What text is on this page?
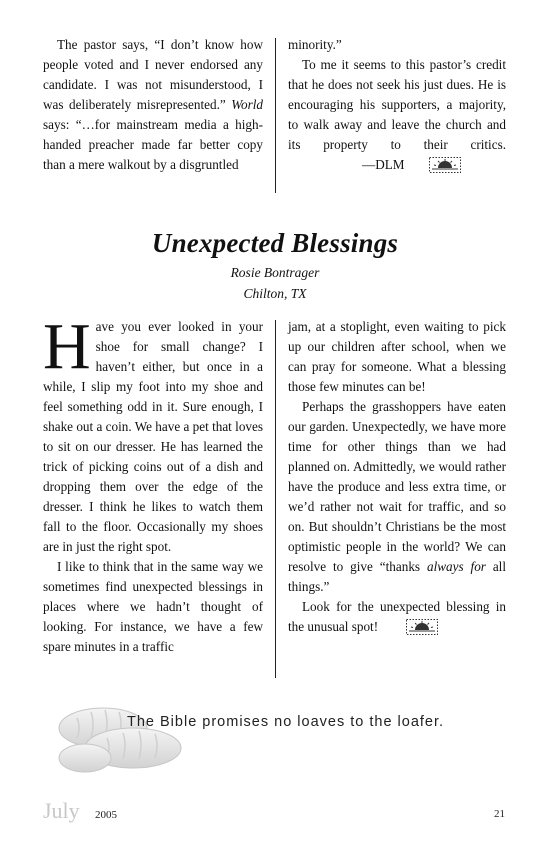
The pastor says, “I don’t know how people voted and I never endorsed any candidate. I was not misunderstood, I was deliberately misrepresented.” World says: “…for mainstream media a high-handed preacher made far better copy than a mere walkout by a disgruntled

minority.”

To me it seems to this pastor’s credit that he does not seek his just dues. He is encouraging his supporters, a majority, to walk away and leave the church and its property to their critics.—DLM

Unexpected Blessings
Rosie Bontrager
Chilton, TX

Have you ever looked in your shoe for small change? I haven’t either, but once in a while, I slip my foot into my shoe and feel something odd in it. Sure enough, I shake out a coin. We have a pet that loves to sit on our dresser. He has learned the trick of picking coins out of a dish and dropping them over the edge of the dresser. I think he likes to watch them fall to the floor. Occasionally my shoes are in just the right spot.

I like to think that in the same way we sometimes find unexpected blessings in places where we hadn’t thought of looking. For instance, we have a few spare minutes in a traffic

jam, at a stoplight, even waiting to pick up our children after school, when we can pray for someone. What a blessing those few minutes can be!

Perhaps the grasshoppers have eaten our garden. Unexpectedly, we have more time for other things than we had planned on. Admittedly, we would rather have the produce and less extra time, or we’d rather not wait for traffic, and so on. But shouldn’t Christians be the most optimistic people in the world? We can resolve to give “thanks always for all things.”

Look for the unexpected blessing in the unusual spot!

The Bible promises no loaves to the loafer.
July 2005	21
